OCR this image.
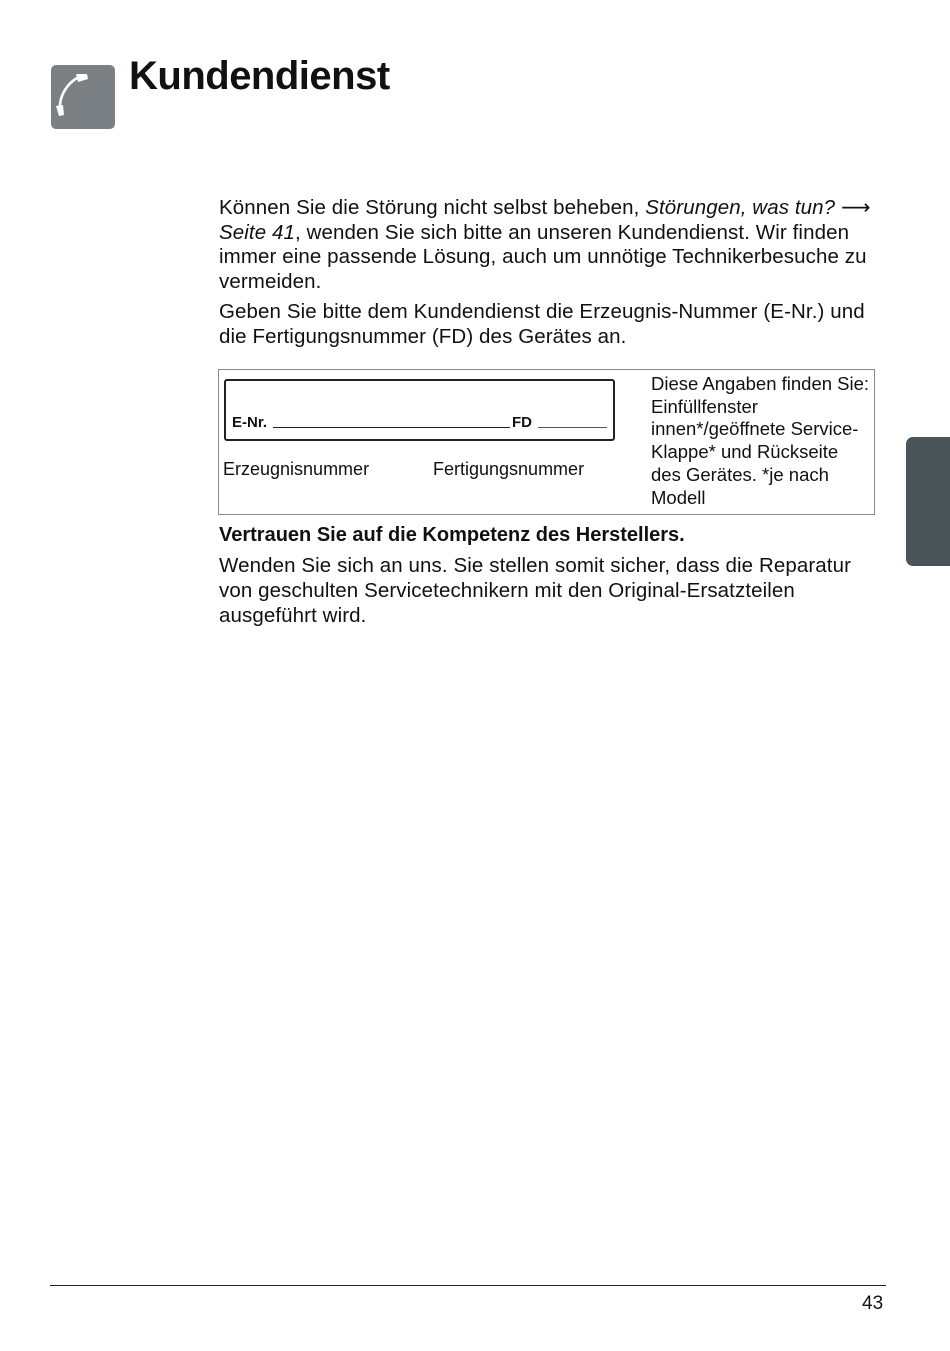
Kundendienst

Können Sie die Störung nicht selbst beheben, Störungen, was tun? ⟶ Seite 41, wenden Sie sich bitte an unseren Kundendienst. Wir finden immer eine passende Lösung, auch um unnötige Technikerbesuche zu vermeiden.

Geben Sie bitte dem Kundendienst die Erzeugnis-Nummer (E-Nr.) und die Fertigungsnummer (FD) des Gerätes an.

E-Nr.	FD
Erzeugnisnummer	Fertigungsnummer
Diese Angaben finden Sie: Einfüllfenster innen*/geöffnete Service-Klappe* und Rückseite des Gerätes. *je nach Modell
Vertrauen Sie auf die Kompetenz des Herstellers.
Wenden Sie sich an uns. Sie stellen somit sicher, dass die Reparatur von geschulten Servicetechnikern mit den Original-Ersatzteilen ausgeführt wird.
43
